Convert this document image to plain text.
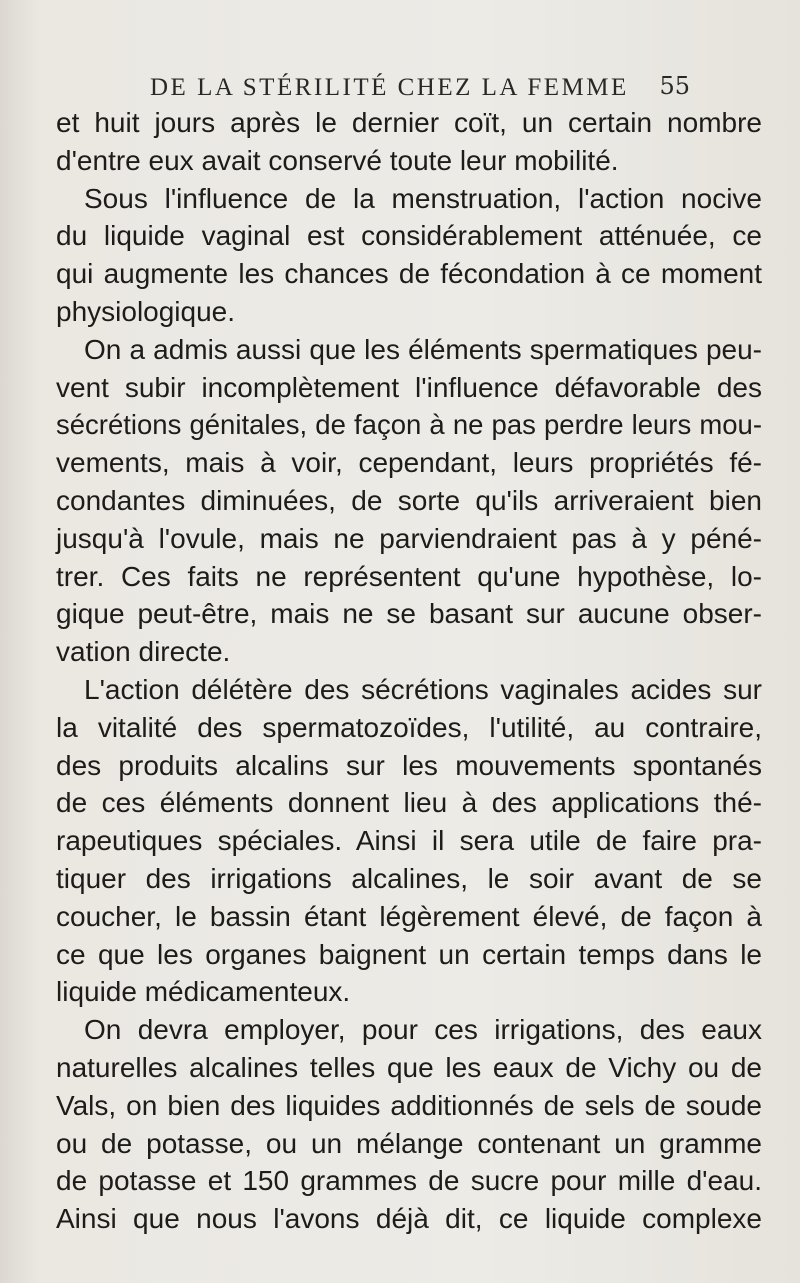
DE LA STÉRILITÉ CHEZ LA FEMME 55
et huit jours après le dernier coït, un certain nombre
d'entre eux avait conservé toute leur mobilité.
Sous l'influence de la menstruation, l'action nocive
du liquide vaginal est considérablement atténuée, ce
qui augmente les chances de fécondation à ce moment
physiologique.
On a admis aussi que les éléments spermatiques peu-
vent subir incomplètement l'influence défavorable des
sécrétions génitales, de façon à ne pas perdre leurs mou-
vements, mais à voir, cependant, leurs propriétés fé-
condantes diminuées, de sorte qu'ils arriveraient bien
jusqu'à l'ovule, mais ne parviendraient pas à y péné-
trer. Ces faits ne représentent qu'une hypothèse, lo-
gique peut-être, mais ne se basant sur aucune obser-
vation directe.
L'action délétère des sécrétions vaginales acides sur
la vitalité des spermatozoïdes, l'utilité, au contraire,
des produits alcalins sur les mouvements spontanés
de ces éléments donnent lieu à des applications thé-
rapeutiques spéciales. Ainsi il sera utile de faire pra-
tiquer des irrigations alcalines, le soir avant de se
coucher, le bassin étant légèrement élevé, de façon à
ce que les organes baignent un certain temps dans le
liquide médicamenteux.
On devra employer, pour ces irrigations, des eaux
naturelles alcalines telles que les eaux de Vichy ou de
Vals, on bien des liquides additionnés de sels de soude
ou de potasse, ou un mélange contenant un gramme
de potasse et 150 grammes de sucre pour mille d'eau.
Ainsi que nous l'avons déjà dit, ce liquide complexe
